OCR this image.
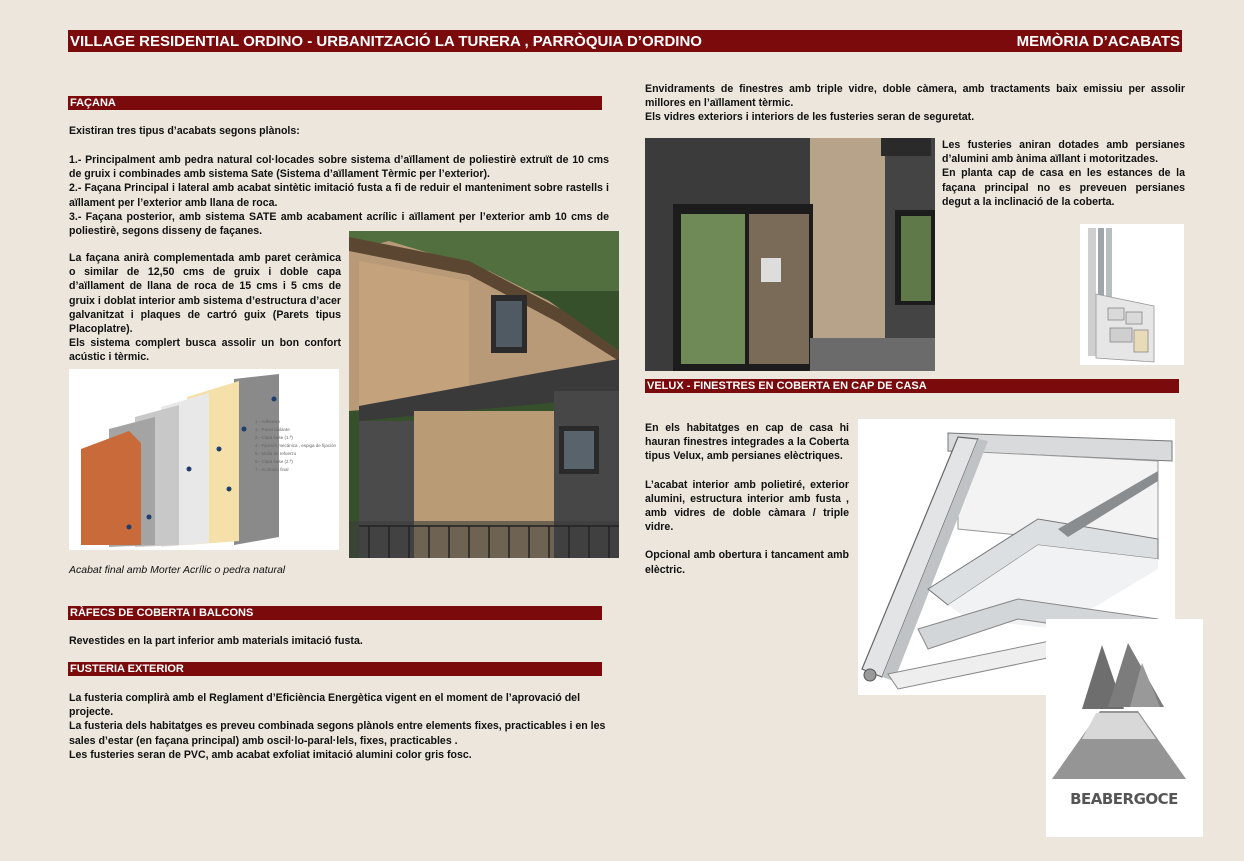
VILLAGE RESIDENTIAL ORDINO - URBANITZACIÓ LA TURERA , PARRÒQUIA D’ORDINO	MEMÒRIA D’ACABATS
FAÇANA
Existiran tres tipus d’acabats segons plànols:

1.- Principalment amb pedra natural col·locades sobre sistema d’aïllament de poliestirè extruït de 10 cms de gruix i combinades amb sistema Sate (Sistema d’aïllament Tèrmic per l’exterior).

2.- Façana Principal i lateral amb acabat sintètic imitació fusta a fi de reduir el manteniment sobre rastells i aïllament per l’exterior amb llana de roca.

3.- Façana posterior, amb sistema SATE amb acabament acrílic i aïllament per l’exterior amb 10 cms de poliestirè, segons disseny de façanes.

La façana anirà complementada amb paret ceràmica o similar de 12,50 cms de gruix i doble capa d’aïllament de llana de roca de 15 cms i 5 cms de gruix i doblat interior amb sistema d’estructura d’acer galvanitzat i plaques de cartró guix (Parets tipus Placoplatre).

Els sistema complert busca assolir un bon confort acústic i tèrmic.

1.- Adhesivo
2.- Panel aislante
3.- Capa base (1.ª)
4.- Fijación mecánica , espiga de fijación
5.- Malla de refuerzo
6.- Capa base (2.ª)
7.- Acabado final
Acabat final amb Morter Acrílic o pedra natural
RÀFECS DE COBERTA I BALCONS
Revestides en la part inferior amb materials imitació fusta.
FUSTERIA EXTERIOR

La fusteria complirà amb el Reglament d’Eficiència Energètica vigent en el moment de l’aprovació del projecte.

La fusteria dels habitatges es preveu combinada segons plànols entre elements fixes, practicables i en les sales d’estar (en façana principal) amb oscil·lo-paral·lels, fixes, practicables .

Les fusteries seran de PVC, amb acabat exfoliat imitació alumini color gris fosc.

Envidraments de finestres amb triple vidre, doble càmera, amb tractaments baix emissiu per assolir millores en l’aïllament tèrmic.

Els vidres exteriors i interiors de les fusteries seran de seguretat.

Les fusteries aniran dotades amb persianes d’alumini amb ànima aïllant i motoritzades.

En planta cap de casa en les estances de la façana principal no es preveuen persianes degut a la inclinació de la coberta.

VELUX - FINESTRES EN COBERTA EN CAP DE CASA

En els habitatges en cap de casa hi hauran finestres integrades a la Coberta tipus Velux, amb persianes elèctriques.

L’acabat interior amb polietiré, exterior alumini, estructura interior amb fusta , amb vidres de doble càmara / triple vidre.

Opcional amb obertura i tancament amb elèctric.

BEABERGOCE
